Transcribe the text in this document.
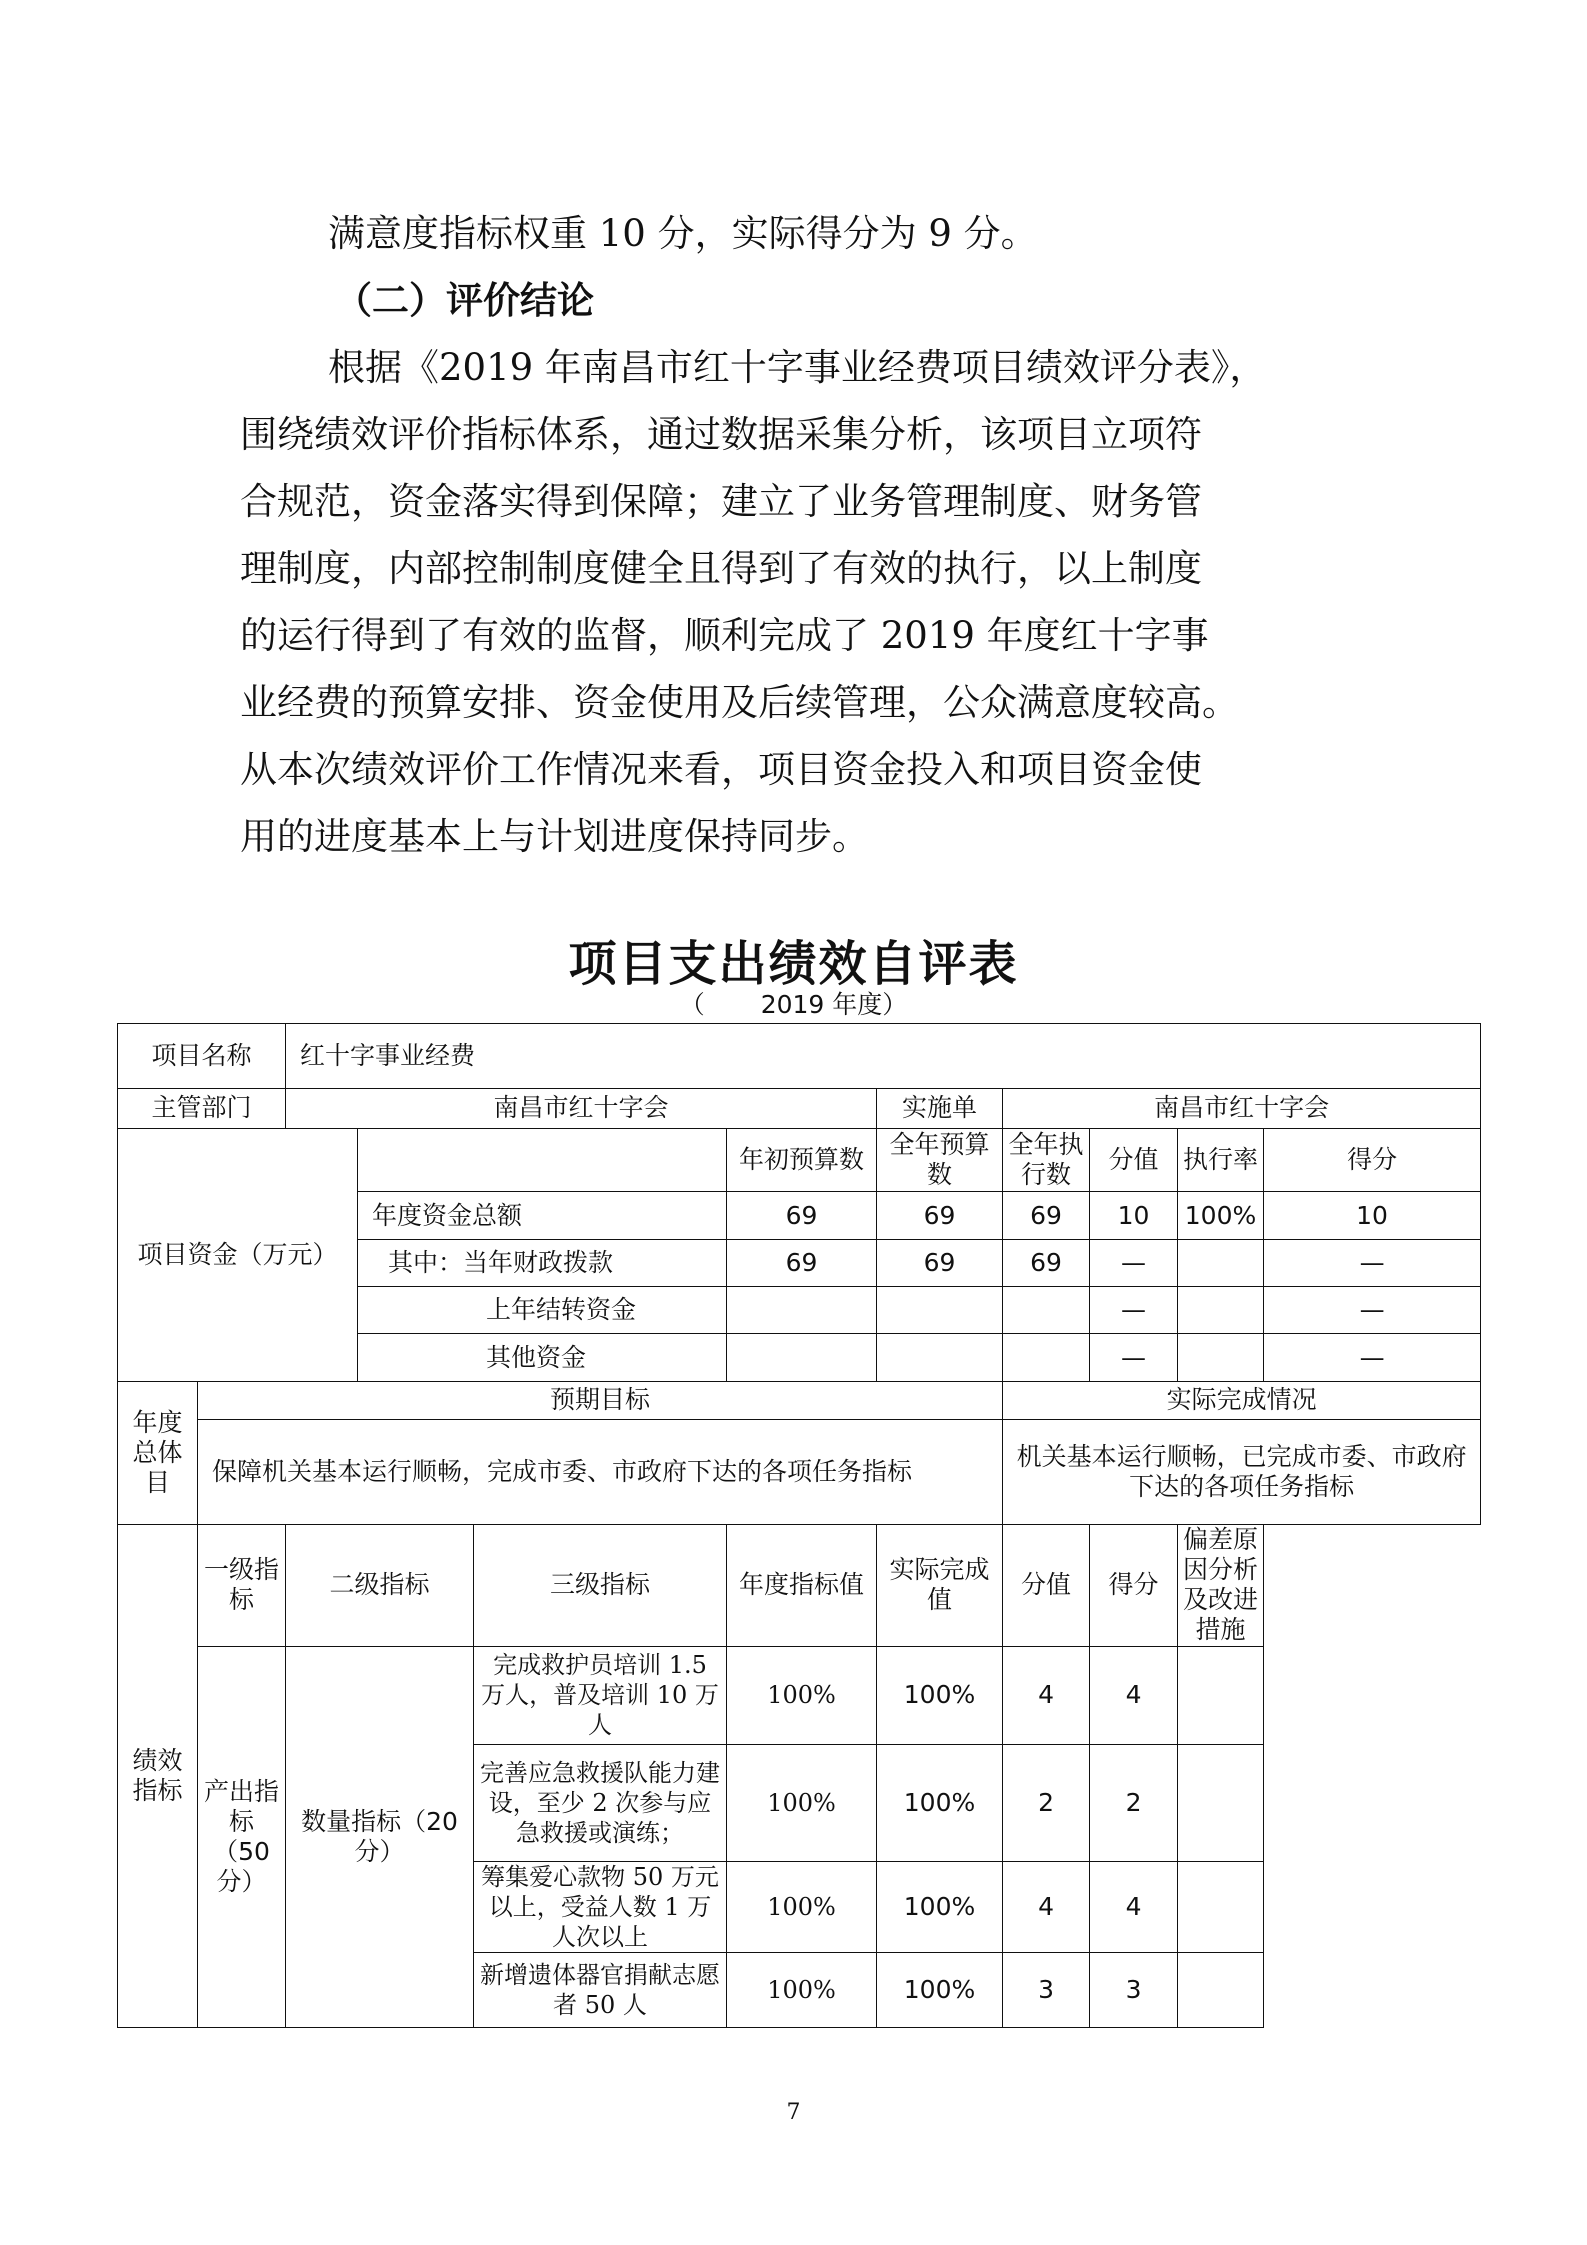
满意度指标权重 10 分，实际得分为 9 分。

（二）评价结论

根据《2019 年南昌市红十字事业经费项目绩效评分表》，

围绕绩效评价指标体系，通过数据采集分析，该项目立项符

合规范，资金落实得到保障；建立了业务管理制度、财务管

理制度，内部控制制度健全且得到了有效的执行，以上制度

的运行得到了有效的监督，顺利完成了 2019 年度红十字事

业经费的预算安排、资金使用及后续管理，公众满意度较高。

从本次绩效评价工作情况来看，项目资金投入和项目资金使

用的进度基本上与计划进度保持同步。

项目支出绩效自评表
（ 2019 年度）
项目名称		红十字事业经费								
主管部门		南昌市红十字会				实施单	南昌市红十字会			
项目资金（万元）					年初预算数	全年预算数	全年执行数	分值	执行率	得分
			年度资金总额		69	69	69	10	100%	10
			其中：当年财政拨款		69	69	69	—		—
			上年结转资金					—		—
			其他资金					—		—
年度总体目	预期目标						实际完成情况			
	保障机关基本运行顺畅，完成市委、市政府下达的各项任务指标						机关基本运行顺畅，已完成市委、市政府下达的各项任务指标			
绩效指标	一级指标	二级指标		三级指标	年度指标值	实际完成值	分值	得分	偏差原因分析及改进措施	
	产出指标（50分）	数量指标（20 分）		完成救护员培训 1.5 万人，普及培训 10 万人	100%	100%	4	4		
				完善应急救援队能力建设，至少 2 次参与应急救援或演练；	100%	100%	2	2		
				筹集爱心款物 50 万元以上，受益人数 1 万人次以上	100%	100%	4	4		
				新增遗体器官捐献志愿者 50 人	100%	100%	3	3		
7
